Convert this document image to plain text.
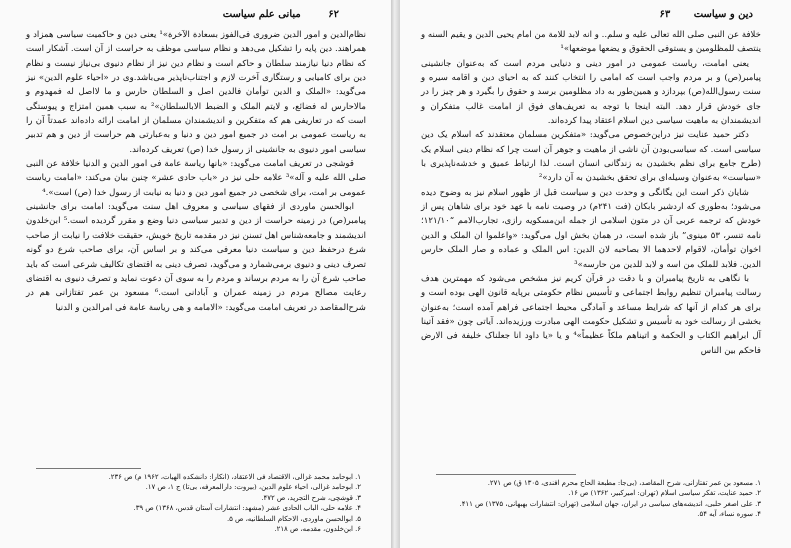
۶۲ مبانی علم سیاست

نظام‌الدین و امور الدین ضروری فی‌الفوز بسعادة الآخرة»¹ یعنی دین و حاکمیت سیاسی همزاد و همراهند. دین پایه را تشکیل می‌دهد و نظام سیاسی موظف به حراست از آن است. آشکار است که نظام دنیا نیازمند سلطان و حاکم است و نظام دین نیز از نظام دنیوی بی‌نیاز نیست و نظام دین برای کامیابی و رستگاری آخرت لازم و اجتناب‌ناپذیر می‌باشد.وی در «احیاء علوم الدین» نیز می‌گوید: «الملک و الدین توأمان فالدین اصل و السلطان حارس و ما لااصل له فمهدوم و مالاحارس له فضائع، و لایتم الملک و الضبط الابالسلطان»² به سبب همین امتزاج و پیوستگی است که در تعاریفی هم که متفکرین و اندیشمندان مسلمان از امامت ارائه داده‌اند عمدتاً آن را به ریاست عمومی بر امت در جمیع امور دین و دنیا و به‌عبارتی هم حراست از دین و هم تدبیر سیاسی امور دنیوی به جانشینی از رسول خدا (ص) تعریف کرده‌اند.

قوشجی در تعریف امامت می‌گوید: «بانها ریاسة عامة فی امور الدین و الدنیا خلافة عن النبی صلی الله علیه و آله»³ علامه حلی نیز در «باب حادی عشر» چنین بیان می‌کند: «امامت ریاست عمومی بر امت، برای شخصی در جمیع امور دین و دنیا به نیابت از رسول خدا (ص) است».⁴

ابوالحسن ماوردی از فقهای سیاسی و معروف اهل سنت می‌گوید: امامت برای جانشینی پیامبر(ص) در زمینه حراست از دین و تدبیر سیاسی دنیا وضع و مقرر گردیده است.⁵ ابن‌خلدون اندیشمند و جامعه‌شناس اهل تسنن نیز در مقدمه تاریخ خویش، حقیقت خلافت را نیابت از صاحب شرع درحفظ دین و سیاست دنیا معرفی می‌کند و بر اساس آن، برای صاحب شرع دو گونه تصرف دینی و دنیوی برمی‌شمارد و می‌گوید، تصرف دینی به اقتضای تکالیف شرعی است که باید صاحب شرع آن را به مردم برساند و مردم را به سوی آن دعوت نماید و تصرف دنیوی به اقتضای رعایت مصالح مردم در زمینه عمران و آبادانی است.⁶ مسعود بن عمر تفتازانی هم در شرح‌المقاصد در تعریف امامت می‌گوید: «الامامه و هی ریاسة عامة فی امرالدین و الدنیا

۱. ابوحامد محمد غزالی، الاقتصاد فی الاعتقاد، (انکارا: دانشکده الهیات، ۱۹۶۲ م) ص ۲۳۶.
۲. ابوحامد غزالی، احیاء علوم الدین، (بیروت: دارالمعرفه، بی‌تا) ج ۱، ص ۱۷.
۳. قوشچی، شرح التجرید، ص ۴۷۲.
۴. علامه حلی، الباب الحادی عشر (مشهد: انتشارات آستان قدس، ۱۳۶۸) ص ۳۹.
۵. ابوالحسن ماوردی، الاحکام السلطانیه، ص ۵.
۶. ابن‌خلدون، مقدمه، ص ۲۱۸.
دین و سیاست ۶۳

خلافة عن النبی صلی الله تعالی علیه و سلم.. و انه لابد للامة من امام یحیی الدین و یقیم السنه و ینتصف للمظلومین و یستوفی الحقوق و یضعها موضعها»¹

یعنی امامت، ریاست عمومی در امور دینی و دنیایی مردم است که به‌عنوان جانشینی پیامبر(ص) و بر مردم واجب است که امامی را انتخاب کنند که به احیای دین و اقامه سیره و سنت رسول‌الله(ص) بپردازد و همین‌طور به داد مظلومین برسد و حقوق را بگیرد و هر چیز را در جای خودش قرار دهد. البته اینجا با توجه به تعریف‌های فوق از امامت غالب متفکران و اندیشمندان به ماهیت سیاسی دین اسلام اعتقاد پیدا کرده‌اند.

دکتر حمید عنایت نیز دراین‌خصوص می‌گوید: «متفکرین مسلمان معتقدند که اسلام یک دین سیاسی است. که سیاسی‌بودن آن ناشی از ماهیت و جوهر آن است چرا که نظام دینی اسلام یک (طرح جامع برای نظم بخشیدن به زندگانی انسان است. لذا ارتباط عمیق و خدشه‌ناپذیری با «سیاست» به‌عنوان وسیله‌ای برای تحقق بخشیدن به آن دارد»²

شایان ذکر است این یگانگی و وحدت دین و سیاست قبل از ظهور اسلام نیز به وضوح دیده می‌شود؛ به‌طوری که اردشیر بابکان (فت ۲۴۱م) در وصیت نامه با عهد خود برای شاهان پس از خودش که ترجمه عربی آن در متون اسلامی از جمله ابن‌مسکویه رازی، تجارب‌الامم “۱۲۱/۱۰؛ نامه تنسر، ۵۳ مینوی” باز شده است، در همان بخش اول می‌گوید: «واعلموا ان الملک و الدین اخوان توأمان، لاقوام لاحدهما الا بصاحبه لان الدین: اس الملک و عماده و صار الملک حارس الدین. فلابد للملک من اسه و لابد للدین من حارسه»³

با نگاهی به تاریخ پیامبران و با دقت در قرآن کریم نیز مشخص می‌شود که مهمترین هدف رسالت پیامبران تنظیم روابط اجتماعی و تأسیس نظام حکومتی برپایه قانون الهی بوده است و برای هر کدام از آنها که شرایط مساعد و آمادگی محیط اجتماعی فراهم آمده است؛ به‌عنوان بخشی از رسالت خود به تأسیس و تشکیل حکومت الهی مبادرت ورزیده‌اند. آیاتی چون «فقد آتینا آل ابراهیم الکتاب و الحکمة و اتیناهم ملکاً عظیماً»⁴ و یا «یا داود انا جعلناک خلیفة فی الارض فاحکم بین الناس

۱. مسعود بن عمر تفتازانی، شرح المقاصد، (بی‌جا: مطبعة الحاج محرم افندی، ۱۳۰۵ ق) ص ۲۷۱.
۲. حمید عنایت، تفکر سیاسی اسلام (تهران: امیرکبیر، ۱۳۶۲) ص ۱۶.
۳. علی اصغر حلبی، اندیشه‌های سیاسی در ایران، جهان اسلامی (تهران: انتشارات بهبهانی، ۱۳۷۵) ص ۴۱۱.
۴. سوره نساء، آیه ۵۴.
